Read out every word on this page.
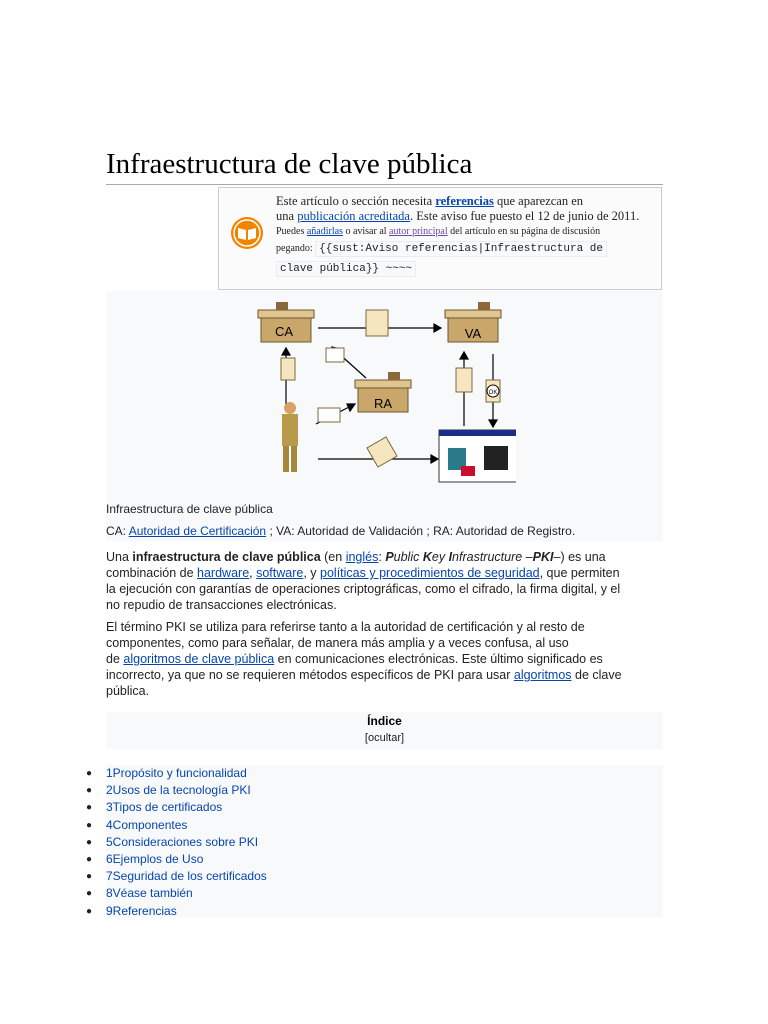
Infraestructura de clave pública
Este artículo o sección necesita referencias que aparezcan en
una publicación acreditada. Este aviso fue puesto el 12 de junio de 2011.
Puedes añadirlas o avisar al autor principal del artículo en su página de discusión
pegando: {{sust:Aviso referencias|Infraestructura de
clave pública}} ~~~~
CA	VA
RA
OK
Infraestructura de clave pública
CA: Autoridad de Certificación ; VA: Autoridad de Validación ; RA: Autoridad de Registro.

Una infraestructura de clave pública (en inglés: Public Key Infrastructure –PKI–) es una
combinación de hardware, software, y políticas y procedimientos de seguridad, que permiten
la ejecución con garantías de operaciones criptográficas, como el cifrado, la firma digital, y el
no repudio de transacciones electrónicas.

El término PKI se utiliza para referirse tanto a la autoridad de certificación y al resto de
componentes, como para señalar, de manera más amplia y a veces confusa, al uso
de algoritmos de clave pública en comunicaciones electrónicas. Este último significado es
incorrecto, ya que no se requieren métodos específicos de PKI para usar algoritmos de clave
pública.

Índice
[ocultar]
● 1Propósito y funcionalidad
● 2Usos de la tecnología PKI
● 3Tipos de certificados
● 4Componentes
● 5Consideraciones sobre PKI
● 6Ejemplos de Uso
● 7Seguridad de los certificados
● 8Véase también
● 9Referencias
